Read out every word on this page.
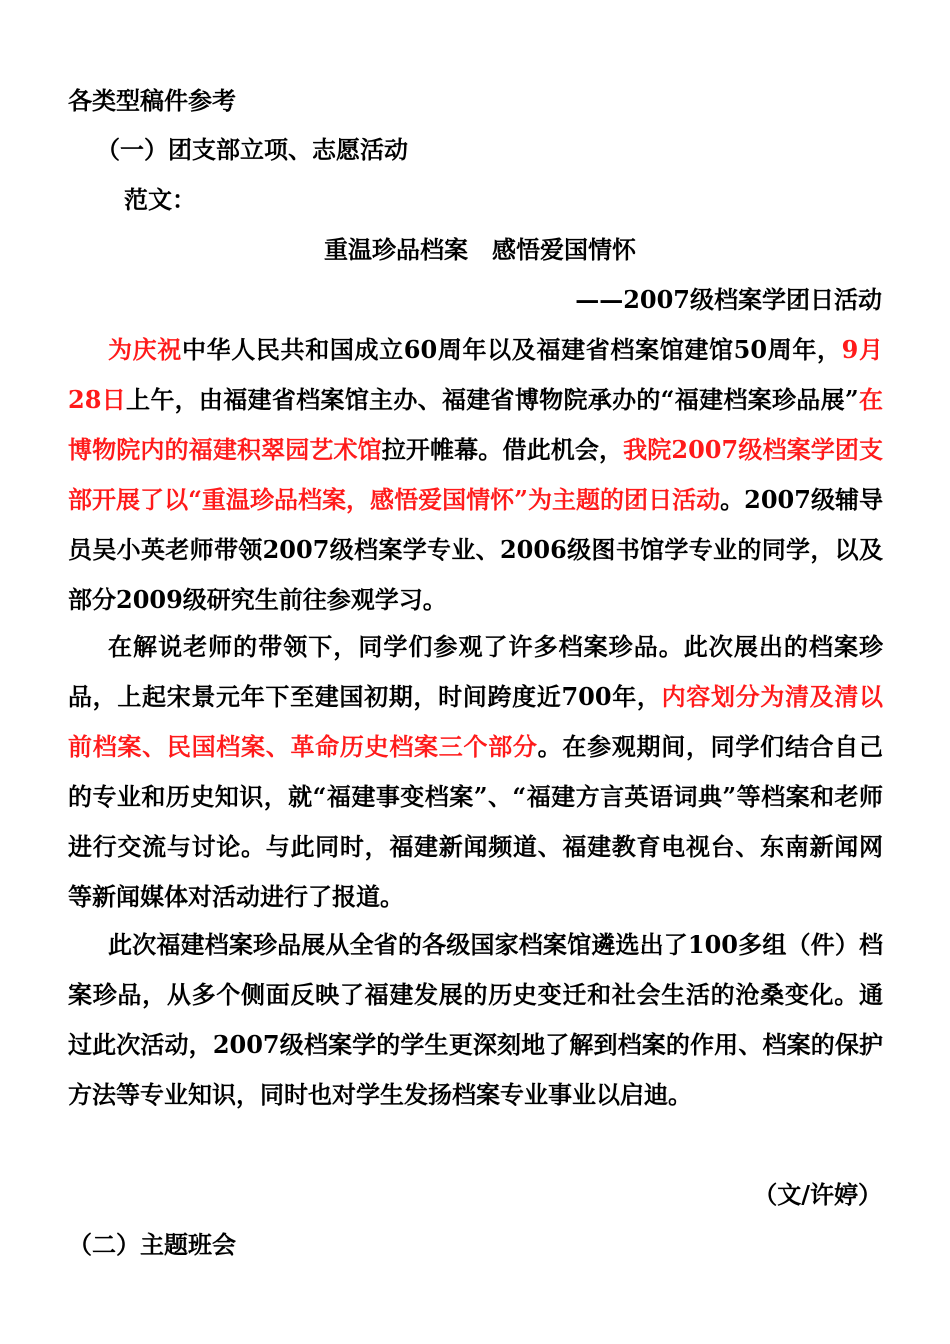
各类型稿件参考
（一）团支部立项、志愿活动
范文：
重温珍品档案　感悟爱国情怀
——2007级档案学团日活动
为庆祝中华人民共和国成立60周年以及福建省档案馆建馆50周年，9月28日上午，由福建省档案馆主办、福建省博物院承办的“福建档案珍品展”在博物院内的福建积翠园艺术馆拉开帷幕。借此机会，我院2007级档案学团支部开展了以“重温珍品档案，感悟爱国情怀”为主题的团日活动。2007级辅导员吴小英老师带领2007级档案学专业、2006级图书馆学专业的同学，以及部分2009级研究生前往参观学习。
在解说老师的带领下，同学们参观了许多档案珍品。此次展出的档案珍品，上起宋景元年下至建国初期，时间跨度近700年，内容划分为清及清以前档案、民国档案、革命历史档案三个部分。在参观期间，同学们结合自己的专业和历史知识，就“福建事变档案”、“福建方言英语词典”等档案和老师进行交流与讨论。与此同时，福建新闻频道、福建教育电视台、东南新闻网等新闻媒体对活动进行了报道。
此次福建档案珍品展从全省的各级国家档案馆遴选出了100多组（件）档案珍品，从多个侧面反映了福建发展的历史变迁和社会生活的沧桑变化。通过此次活动，2007级档案学的学生更深刻地了解到档案的作用、档案的保护方法等专业知识，同时也对学生发扬档案专业事业以启迪。
（文/许婷）
（二）主题班会
